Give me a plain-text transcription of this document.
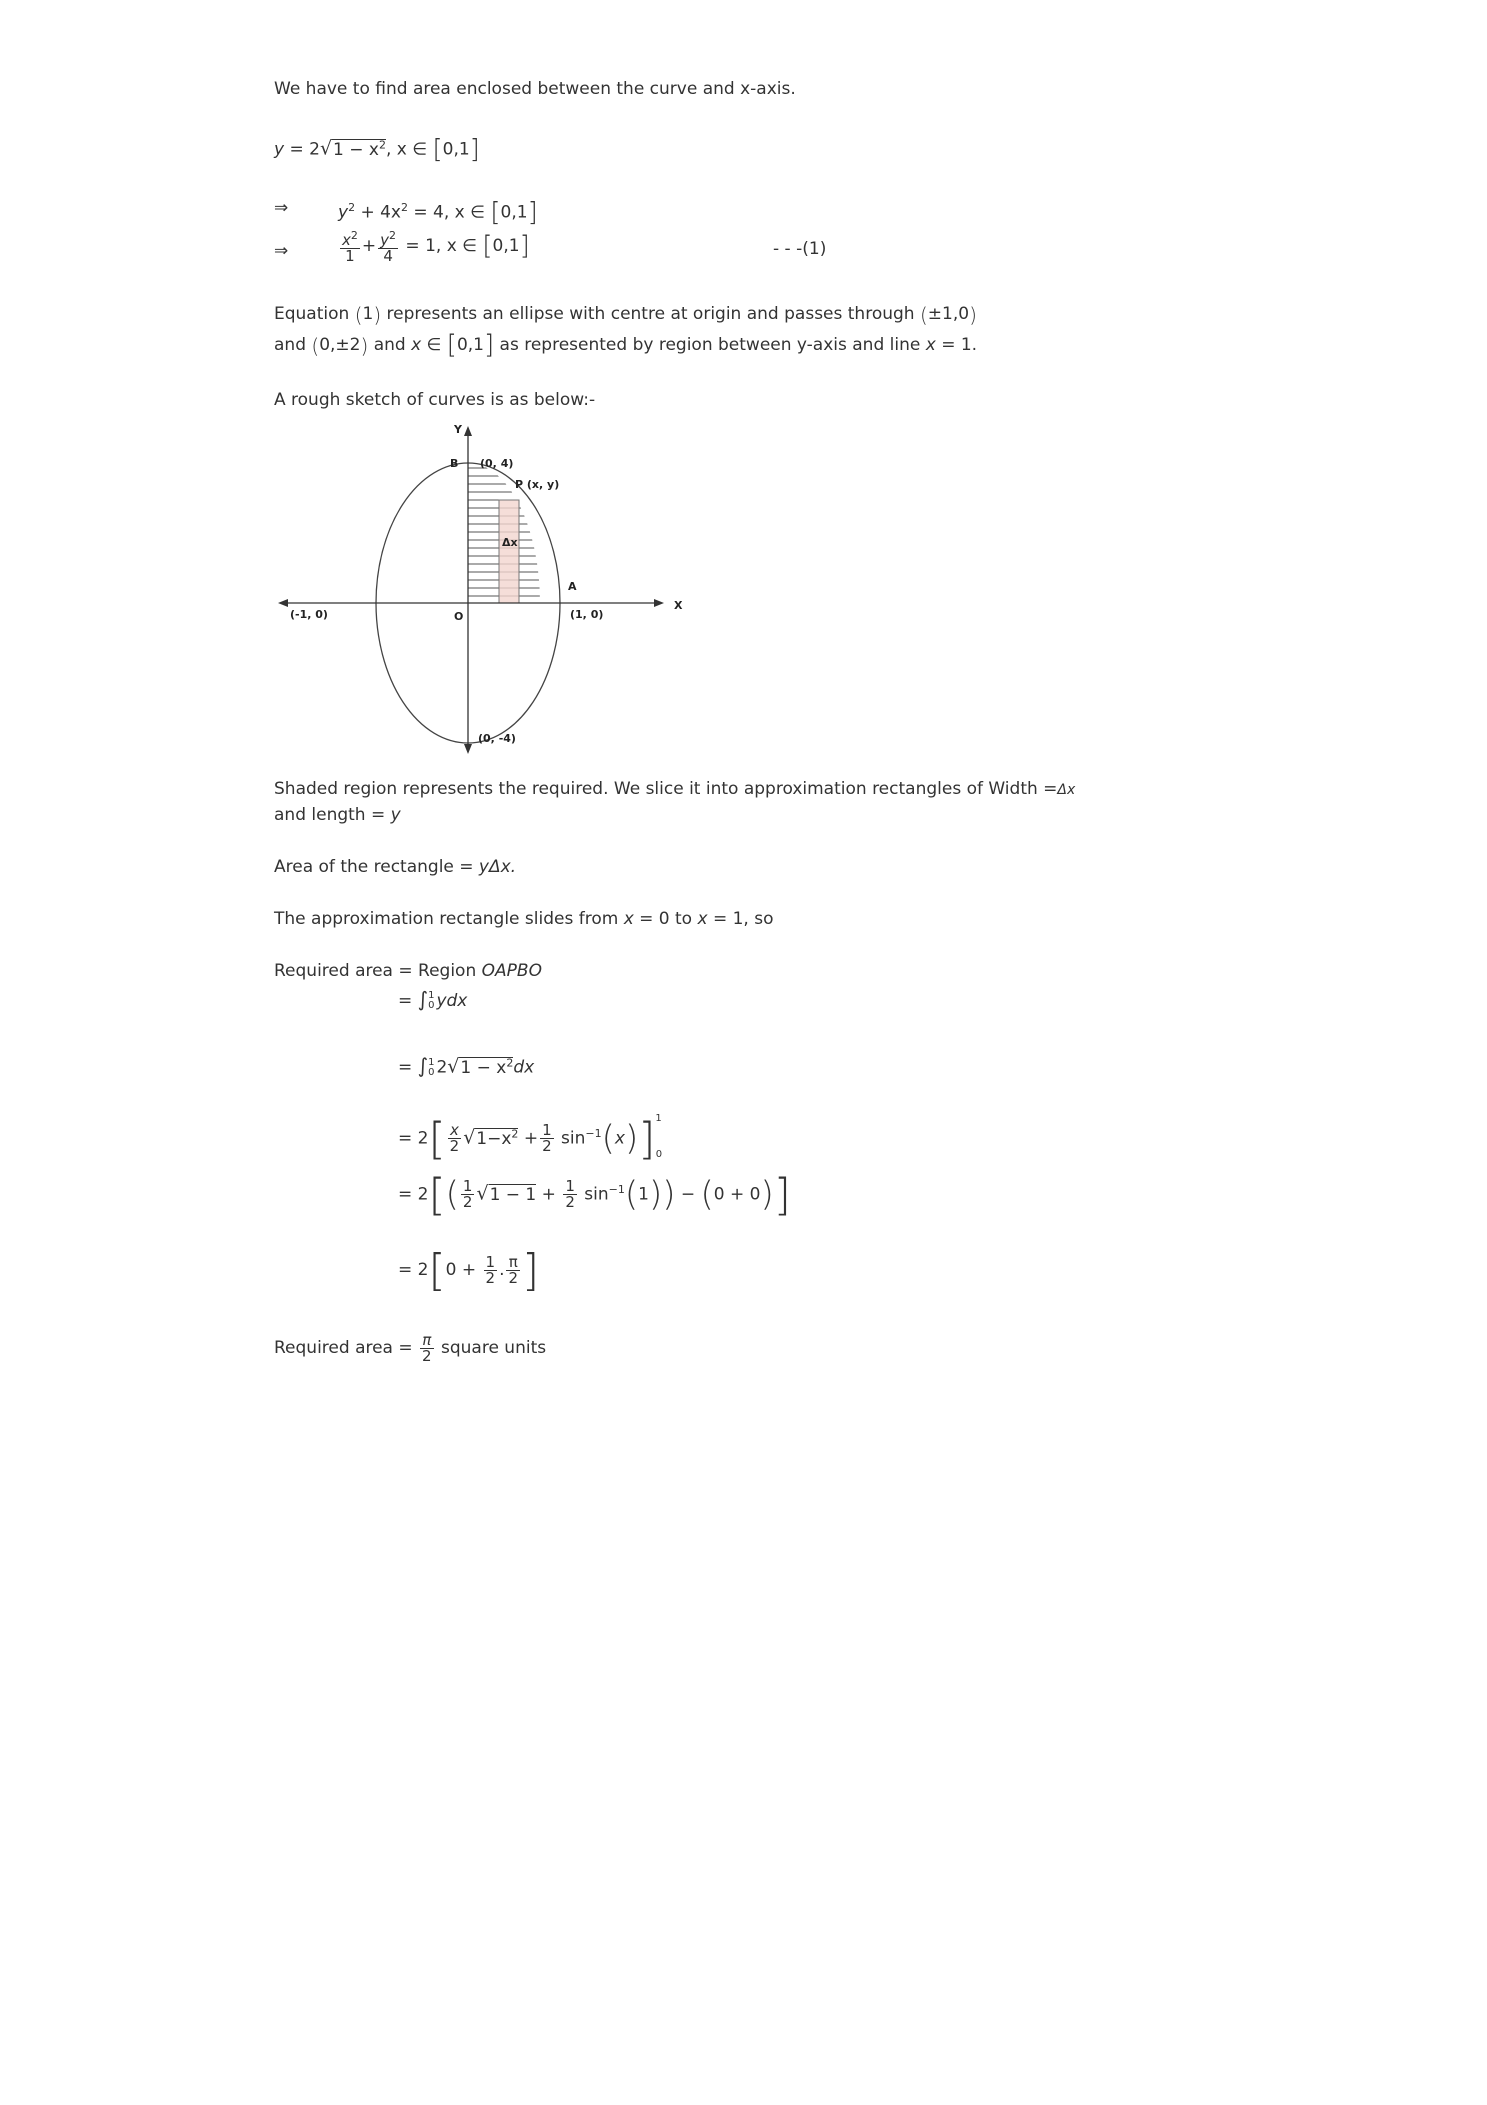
We have to find area enclosed between the curve and x-axis.
$y = 2√1 - x^2$, x ∈ [0,1]
⇒	$y^2 + 4x^2 = 4$, x ∈ [0,1]
⇒	$\frac{x^2}{1} + \frac{y^2}{4} = 1$, x ∈ [0,1]	- - -(1)
Equation (1) represents an ellipse with centre at origin and passes through (±1,0)
and (0,±2) and x ∈ [0,1] as represented by region between y-axis and line x = 1.
A rough sketch of curves is as below:-
Y
X
B (0, 4)
P (x, y)
Δx
A
O
(-1, 0)	(1, 0)
(0, -4)
Shaded region represents the required. We slice it into approximation rectangles of Width =Δx
and length = y
Area of the rectangle = yΔx.
The approximation rectangle slides from x = 0 to x = 1, so
Required area = Region OAPBO
= ∫ 1
0 ydx
= ∫ 1
0 $2√1 - x^2dx$
= $2[ \frac{x}{2} √1-x^2 + \frac{1}{2} \sin^{-1}(x)]$ 1
0
= $2[( \frac{1}{2} √1 - 1 + \frac{1}{2} \sin^{-1}(1)) - (0 + 0)]$
= $2[0 + \frac{1}{2}$ . $\frac{\pi}{2}$ ]
Required area = $\frac{\pi}{2}$ square units
